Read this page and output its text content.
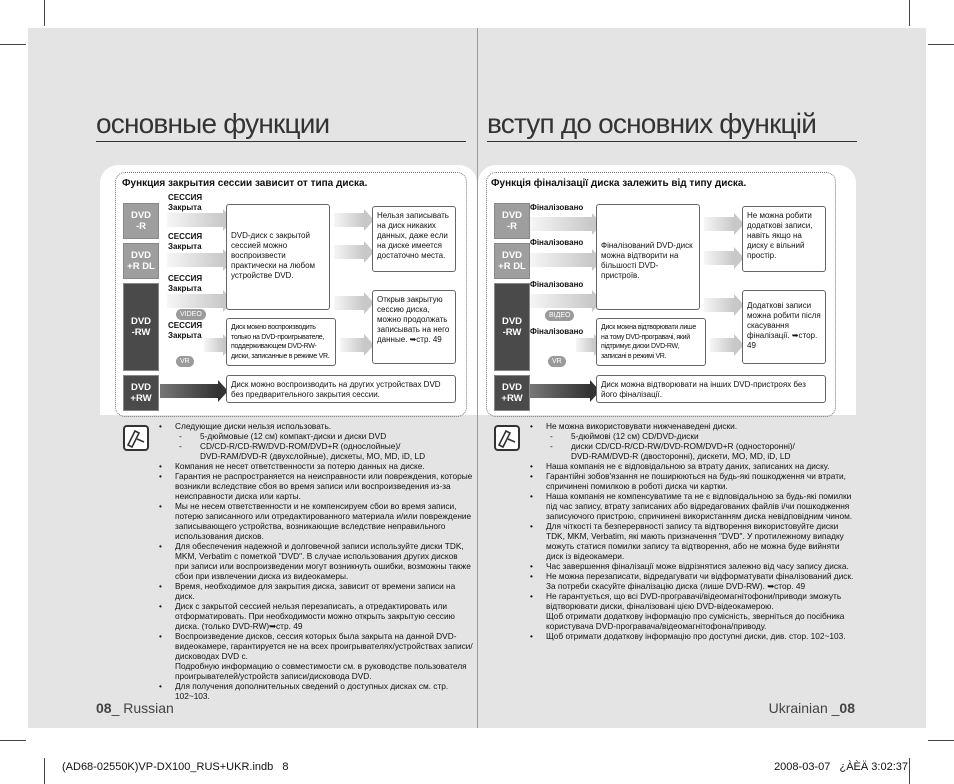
основные функции
Функция закрытия сессии зависит от типа диска.
DVD
-R
DVD
+R DL
DVD
-RW
DVD
+RW
СЕССИЯ
Закрыта
СЕССИЯ
Закрыта
СЕССИЯ
Закрыта
СЕССИЯ
Закрыта
VIDEO
VR
DVD-диск с закрытой сессией можно воспроизвести практически на любом устройстве DVD.
Диск можно воспроизводить только на DVD-проигрывателе, поддерживающем DVD-RW-диски, записанные в режиме VR.
Нельзя записывать на диск никаких данных, даже если на диске имеется достаточно места.
Открыв закрытую сессию диска, можно продолжать записывать на него данные. ➥стр. 49
Диск можно воспроизводить на других устройствах DVD без предварительного закрытия сессии.
• Следующие диски нельзя использовать.
- 5-дюймовые (12 см) компакт-диски и диски DVD
- CD/CD-R/CD-RW/DVD-ROM/DVD+R (однослойные)/
DVD-RAM/DVD-R (двухслойные), дискеты, MO, MD, iD, LD
• Компания не несет ответственности за потерю данных на диске.
• Гарантия не распространяется на неисправности или повреждения, которые возникли вследствие сбоя во время записи или воспроизведения из-за неисправности диска или карты.
• Мы не несем ответственности и не компенсируем сбои во время записи, потерю записанного или отредактированного материала и/или повреждение записывающего устройства, возникающие вследствие неправильного использования дисков.
• Для обеспечения надежной и долговечной записи используйте диски TDK, MKM, Verbatim с пометкой "DVD". В случае использования других дисков при записи или воспроизведении могут возникнуть ошибки, возможны также сбои при извлечении диска из видеокамеры.
• Время, необходимое для закрытия диска, зависит от времени записи на диск.
• Диск с закрытой сессией нельзя перезаписать, а отредактировать или отформатировать. При необходимости можно открыть закрытую сессию диска. (только DVD-RW)➥стр. 49
• Воспроизведение дисков, сессия которых была закрыта на данной DVD-видеокамере, гарантируется не на всех проигрывателях/устройствах записи/дисководах DVD с.
Подробную информацию о совместимости см. в руководстве пользователя проигрывателей/устройств записи/дисковода DVD.
• Для получения дополнительных сведений о доступных дисках см. стр. 102~103.
08_ Russian
вступ до основних функцій
Функція фіналізації диска залежить від типу диска.
DVD
-R
DVD
+R DL
DVD
-RW
DVD
+RW
Фіналізовано
Фіналізовано
Фіналізовано
Фіналізовано
ВІДЕО
VR
Фіналізований DVD-диск можна відтворити на більшості DVD-пристроїв.
Диск можна відтворювати лише на тому DVD-програвачі, який підтримує диски DVD-RW, записані в режимі VR.
Не можна робити додаткові записи, навіть якщо на диску є вільний простір.
Додаткові записи можна робити після скасування фіналізації. ➥стор. 49
Диск можна відтворювати на інших DVD-пристроях без його фіналізації.
• Не можна використовувати нижченаведені диски.
- 5-дюймові (12 см) CD/DVD-диски
- диски CD/CD-R/CD-RW/DVD-ROM/DVD+R (односторонні)/
DVD-RAM/DVD-R (двосторонні), дискети, MO, MD, iD, LD
• Наша компанія не є відповідальною за втрату даних, записаних на диску.
• Гарантійні зобов'язання не поширюються на будь-які пошкодження чи втрати, спричинені помилкою в роботі диска чи картки.
• Наша компанія не компенсуватиме та не є відповідальною за будь-які помилки під час запису, втрату записаних або відредагованих файлів і/чи пошкодження записуючого пристрою, спричинені використанням диска невідповідним чином.
• Для чіткості та безперервності запису та відтворення використовуйте диски TDK, MKM, Verbatim, які мають призначення "DVD". У протилежному випадку можуть статися помилки запису та відтворення, або не можна буде вийняти диск із відеокамери.
• Час завершення фіналізації може відрізнятися залежно від часу запису диска.
• Не можна перезаписати, відредагувати чи відформатувати фіналізований диск. За потреби скасуйте фіналізацію диска (лише DVD-RW). ➥стор. 49
• Не гарантується, що всі DVD-програвачі/відеомагнітофони/приводи зможуть відтворювати диски, фіналізовані цією DVD-відеокамерою.
Щоб отримати додаткову інформацію про сумісність, зверніться до посібника користувача DVD-програвача/відеомагнітофона/приводу.
• Щоб отримати додаткову інформацію про доступні диски, див. стор. 102~103.
Ukrainian _08
(AD68-02550K)VP-DX100_RUS+UKR.indb   8	2008-03-07   ¿ÀÈÄ 3:02:37
